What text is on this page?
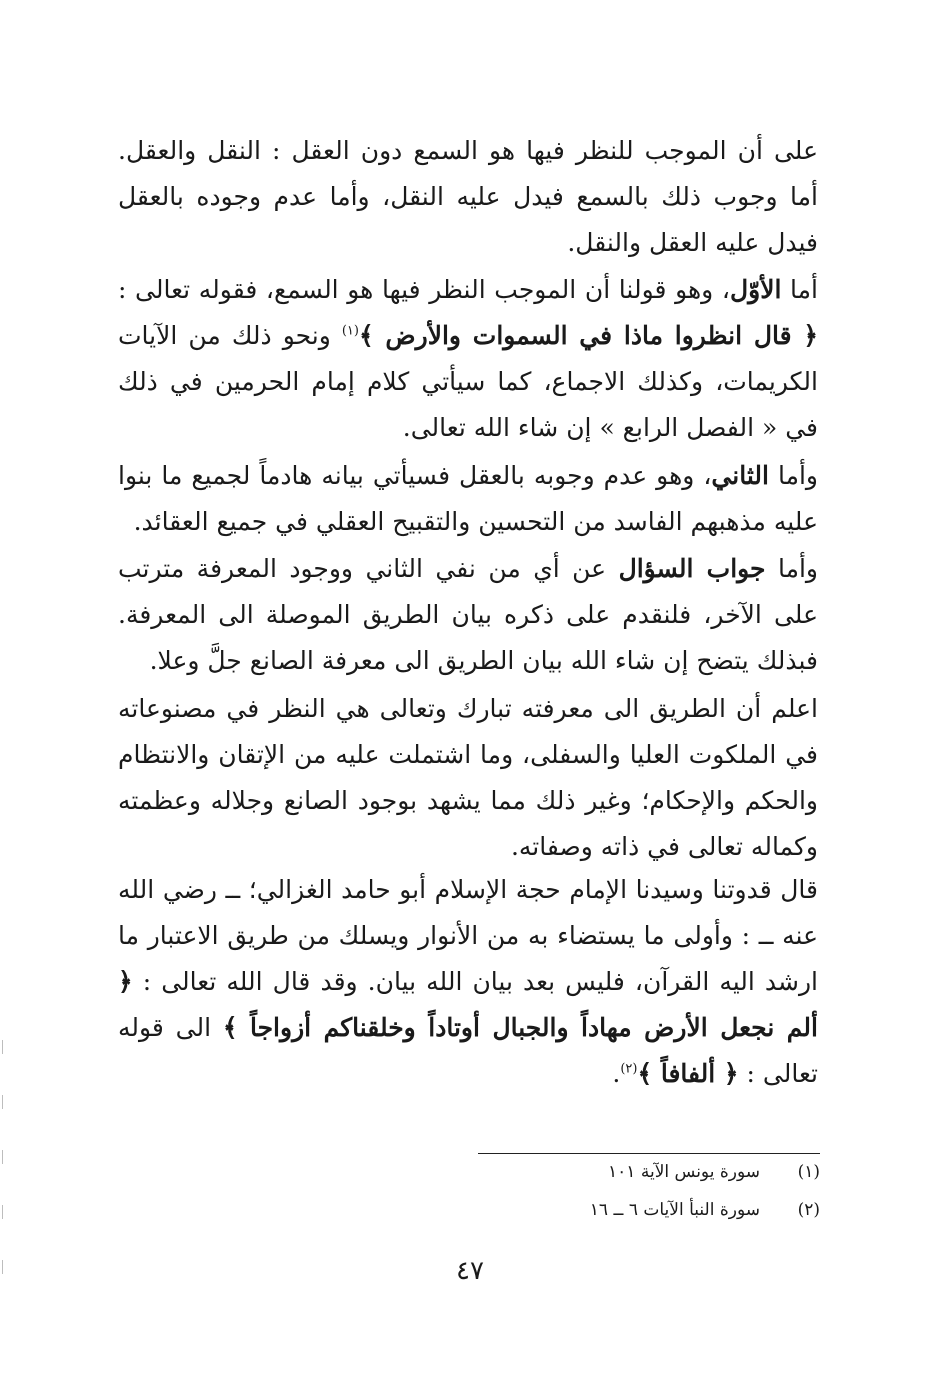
على أن الموجب للنظر فيها هو السمع دون العقل : النقل والعقل. أما وجوب ذلك بالسمع فيدل عليه النقل، وأما عدم وجوده بالعقل فيدل عليه العقل والنقل.

أما الأوّل، وهو قولنا أن الموجب النظر فيها هو السمع، فقوله تعالى : ﴿ قال انظروا ماذا في السموات والأرض ﴾$^{(١)}$ ونحو ذلك من الآيات الكريمات، وكذلك الاجماع، كما سيأتي كلام إمام الحرمين في ذلك في « الفصل الرابع » إن شاء الله تعالى.

وأما الثاني، وهو عدم وجوبه بالعقل فسيأتي بيانه هادماً لجميع ما بنوا عليه مذهبهم الفاسد من التحسين والتقبيح العقلي في جميع العقائد.

وأما جواب السؤال عن أي من نفي الثاني ووجود المعرفة مترتب على الآخر، فلنقدم على ذكره بيان الطريق الموصلة الى المعرفة. فبذلك يتضح إن شاء الله بيان الطريق الى معرفة الصانع جلَّ وعلا.

اعلم أن الطريق الى معرفته تبارك وتعالى هي النظر في مصنوعاته في الملكوت العليا والسفلى، وما اشتملت عليه من الإتقان والانتظام والحكم والإحكام؛ وغير ذلك مما يشهد بوجود الصانع وجلاله وعظمته وكماله تعالى في ذاته وصفاته.

قال قدوتنا وسيدنا الإمام حجة الإسلام أبو حامد الغزالي؛ ــ رضي الله عنه ــ : وأولى ما يستضاء به من الأنوار ويسلك من طريق الاعتبار ما ارشد اليه القرآن، فليس بعد بيان الله بيان. وقد قال الله تعالى : ﴿ ألم نجعل الأرض مهاداً والجبال أوتاداً وخلقناكم أزواجاً ﴾ الى قوله تعالى : ﴿ ألفافاً ﴾$^{(٢)}$.

(١)سورة يونس الآية ١٠١
(٢)سورة النبأ الآيات ٦ ــ ١٦
٤٧
